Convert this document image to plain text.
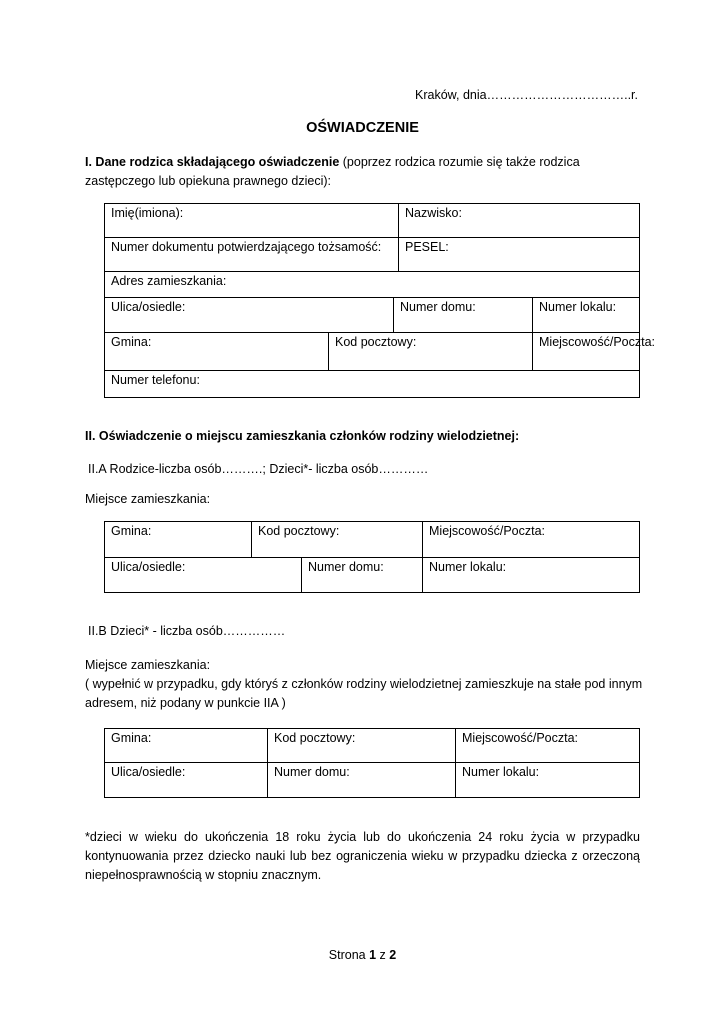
Kraków, dnia……………………………..r.
OŚWIADCZENIE
I. Dane rodzica składającego oświadczenie (poprzez rodzica rozumie się także rodzica zastępczego lub opiekuna prawnego dzieci):
Imię(imiona):			Nazwisko:	
Numer dokumentu potwierdzającego tożsamość:			PESEL:	
Adres zamieszkania:				
Ulica/osiedle:		Numer domu:		Numer lokalu:
Gmina:	Kod pocztowy:			Miejscowość/Poczta:
Numer telefonu:				
II. Oświadczenie o miejscu zamieszkania członków rodziny wielodzietnej:
II.A Rodzice-liczba osób……….; Dzieci*- liczba osób…………
Miejsce zamieszkania:
Gmina:	Kod pocztowy:		Miejscowość/Poczta:
Ulica/osiedle:		Numer domu:	Numer lokalu:
II.B Dzieci* - liczba osób……………
Miejsce zamieszkania:
( wypełnić w przypadku, gdy któryś z członków rodziny wielodzietnej zamieszkuje na stałe pod innym adresem, niż podany w punkcie IIA )
Gmina:	Kod pocztowy:	Miejscowość/Poczta:
Ulica/osiedle:	Numer domu:	Numer lokalu:
*dzieci w wieku do ukończenia 18 roku życia lub do ukończenia 24 roku życia w przypadku kontynuowania przez dziecko nauki lub bez ograniczenia wieku w przypadku dziecka z orzeczoną niepełnosprawnością w stopniu znacznym.
Strona 1 z 2
